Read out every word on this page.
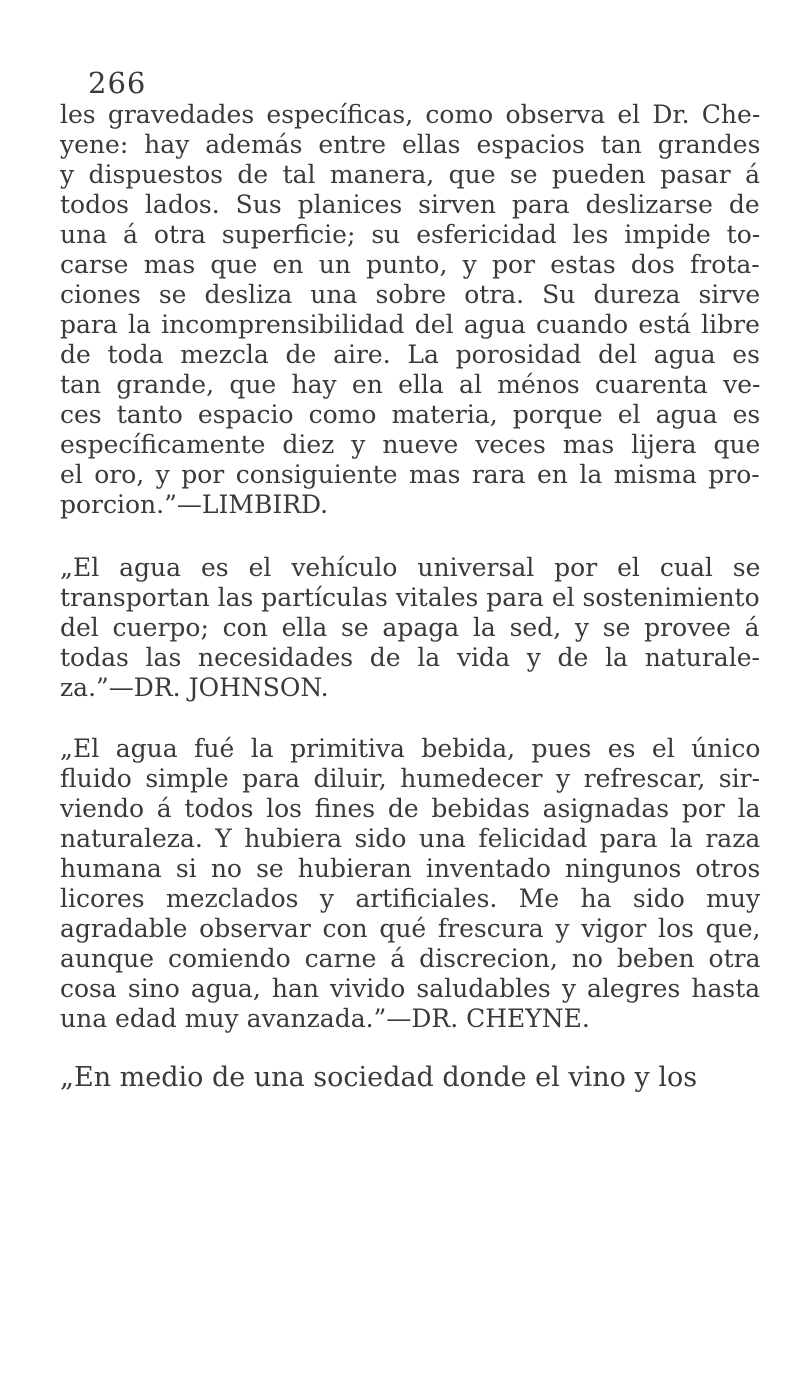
266
les gravedades específicas, como observa el Dr. Che-
yene: hay además entre ellas espacios tan grandes
y dispuestos de tal manera, que se pueden pasar á
todos lados. Sus planices sirven para deslizarse de
una á otra superficie; su esfericidad les impide to-
carse mas que en un punto, y por estas dos frota-
ciones se desliza una sobre otra. Su dureza sirve
para la incomprensibilidad del agua cuando está libre
de toda mezcla de aire. La porosidad del agua es
tan grande, que hay en ella al ménos cuarenta ve-
ces tanto espacio como materia, porque el agua es
específicamente diez y nueve veces mas lijera que
el oro, y por consiguiente mas rara en la misma pro-
porcion.”—LIMBIRD.
„El agua es el vehículo universal por el cual se
transportan las partículas vitales para el sostenimiento
del cuerpo; con ella se apaga la sed, y se provee á
todas las necesidades de la vida y de la naturale-
za.”—DR. JOHNSON.
„El agua fué la primitiva bebida, pues es el único
fluido simple para diluir, humedecer y refrescar, sir-
viendo á todos los fines de bebidas asignadas por la
naturaleza. Y hubiera sido una felicidad para la raza
humana si no se hubieran inventado ningunos otros
licores mezclados y artificiales. Me ha sido muy
agradable observar con qué frescura y vigor los que,
aunque comiendo carne á discrecion, no beben otra
cosa sino agua, han vivido saludables y alegres hasta
una edad muy avanzada.”—DR. CHEYNE.
„En medio de una sociedad donde el vino y los
